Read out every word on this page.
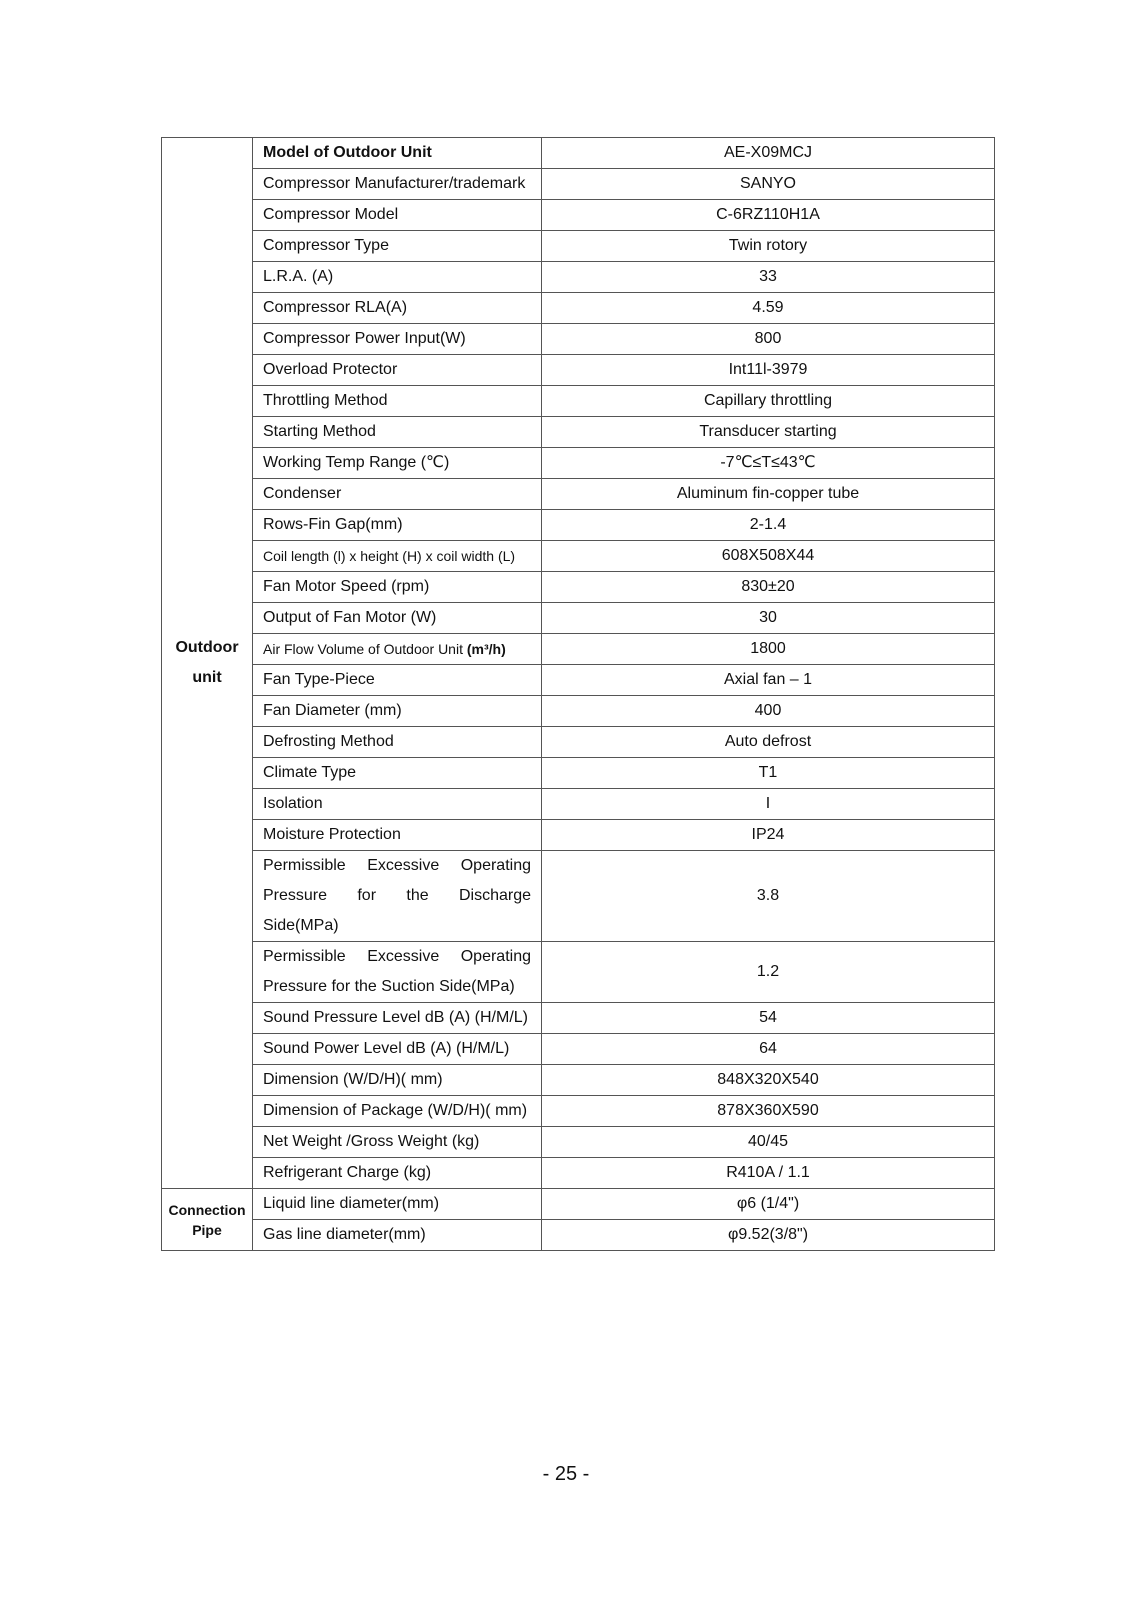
Outdoor unit	Model of Outdoor Unit	AE-X09MCJ
	Compressor Manufacturer/trademark	SANYO
	Compressor Model	C-6RZ110H1A
	Compressor Type	Twin rotory
	L.R.A. (A)	33
	Compressor RLA(A)	4.59
	Compressor Power Input(W)	800
	Overload Protector	Int11l-3979
	Throttling Method	Capillary throttling
	Starting Method	Transducer starting
	Working Temp Range (℃)	-7℃≤T≤43℃
	Condenser	Aluminum fin-copper tube
	Rows-Fin Gap(mm)	2-1.4
	Coil length (l) x height (H) x coil width (L)	608X508X44
	Fan Motor Speed (rpm)	830±20
	Output of Fan Motor (W)	30
	Air Flow Volume of Outdoor Unit (m³/h)	1800
	Fan Type-Piece	Axial fan – 1
	Fan Diameter (mm)	400
	Defrosting Method	Auto defrost
	Climate Type	T1
	Isolation	I
	Moisture Protection	IP24
	Permissible Excessive Operating Pressure for the Discharge Side(MPa)	3.8
	Permissible Excessive Operating Pressure for the Suction Side(MPa)	1.2
	Sound Pressure Level dB (A) (H/M/L)	54
	Sound Power Level dB (A) (H/M/L)	64
	Dimension (W/D/H)( mm)	848X320X540
	Dimension of Package (W/D/H)( mm)	878X360X590
	Net Weight /Gross Weight (kg)	40/45
	Refrigerant Charge (kg)	R410A / 1.1
Connection Pipe	Liquid line diameter(mm)	φ6 (1/4")
	Gas line diameter(mm)	φ9.52(3/8")
- 25 -
